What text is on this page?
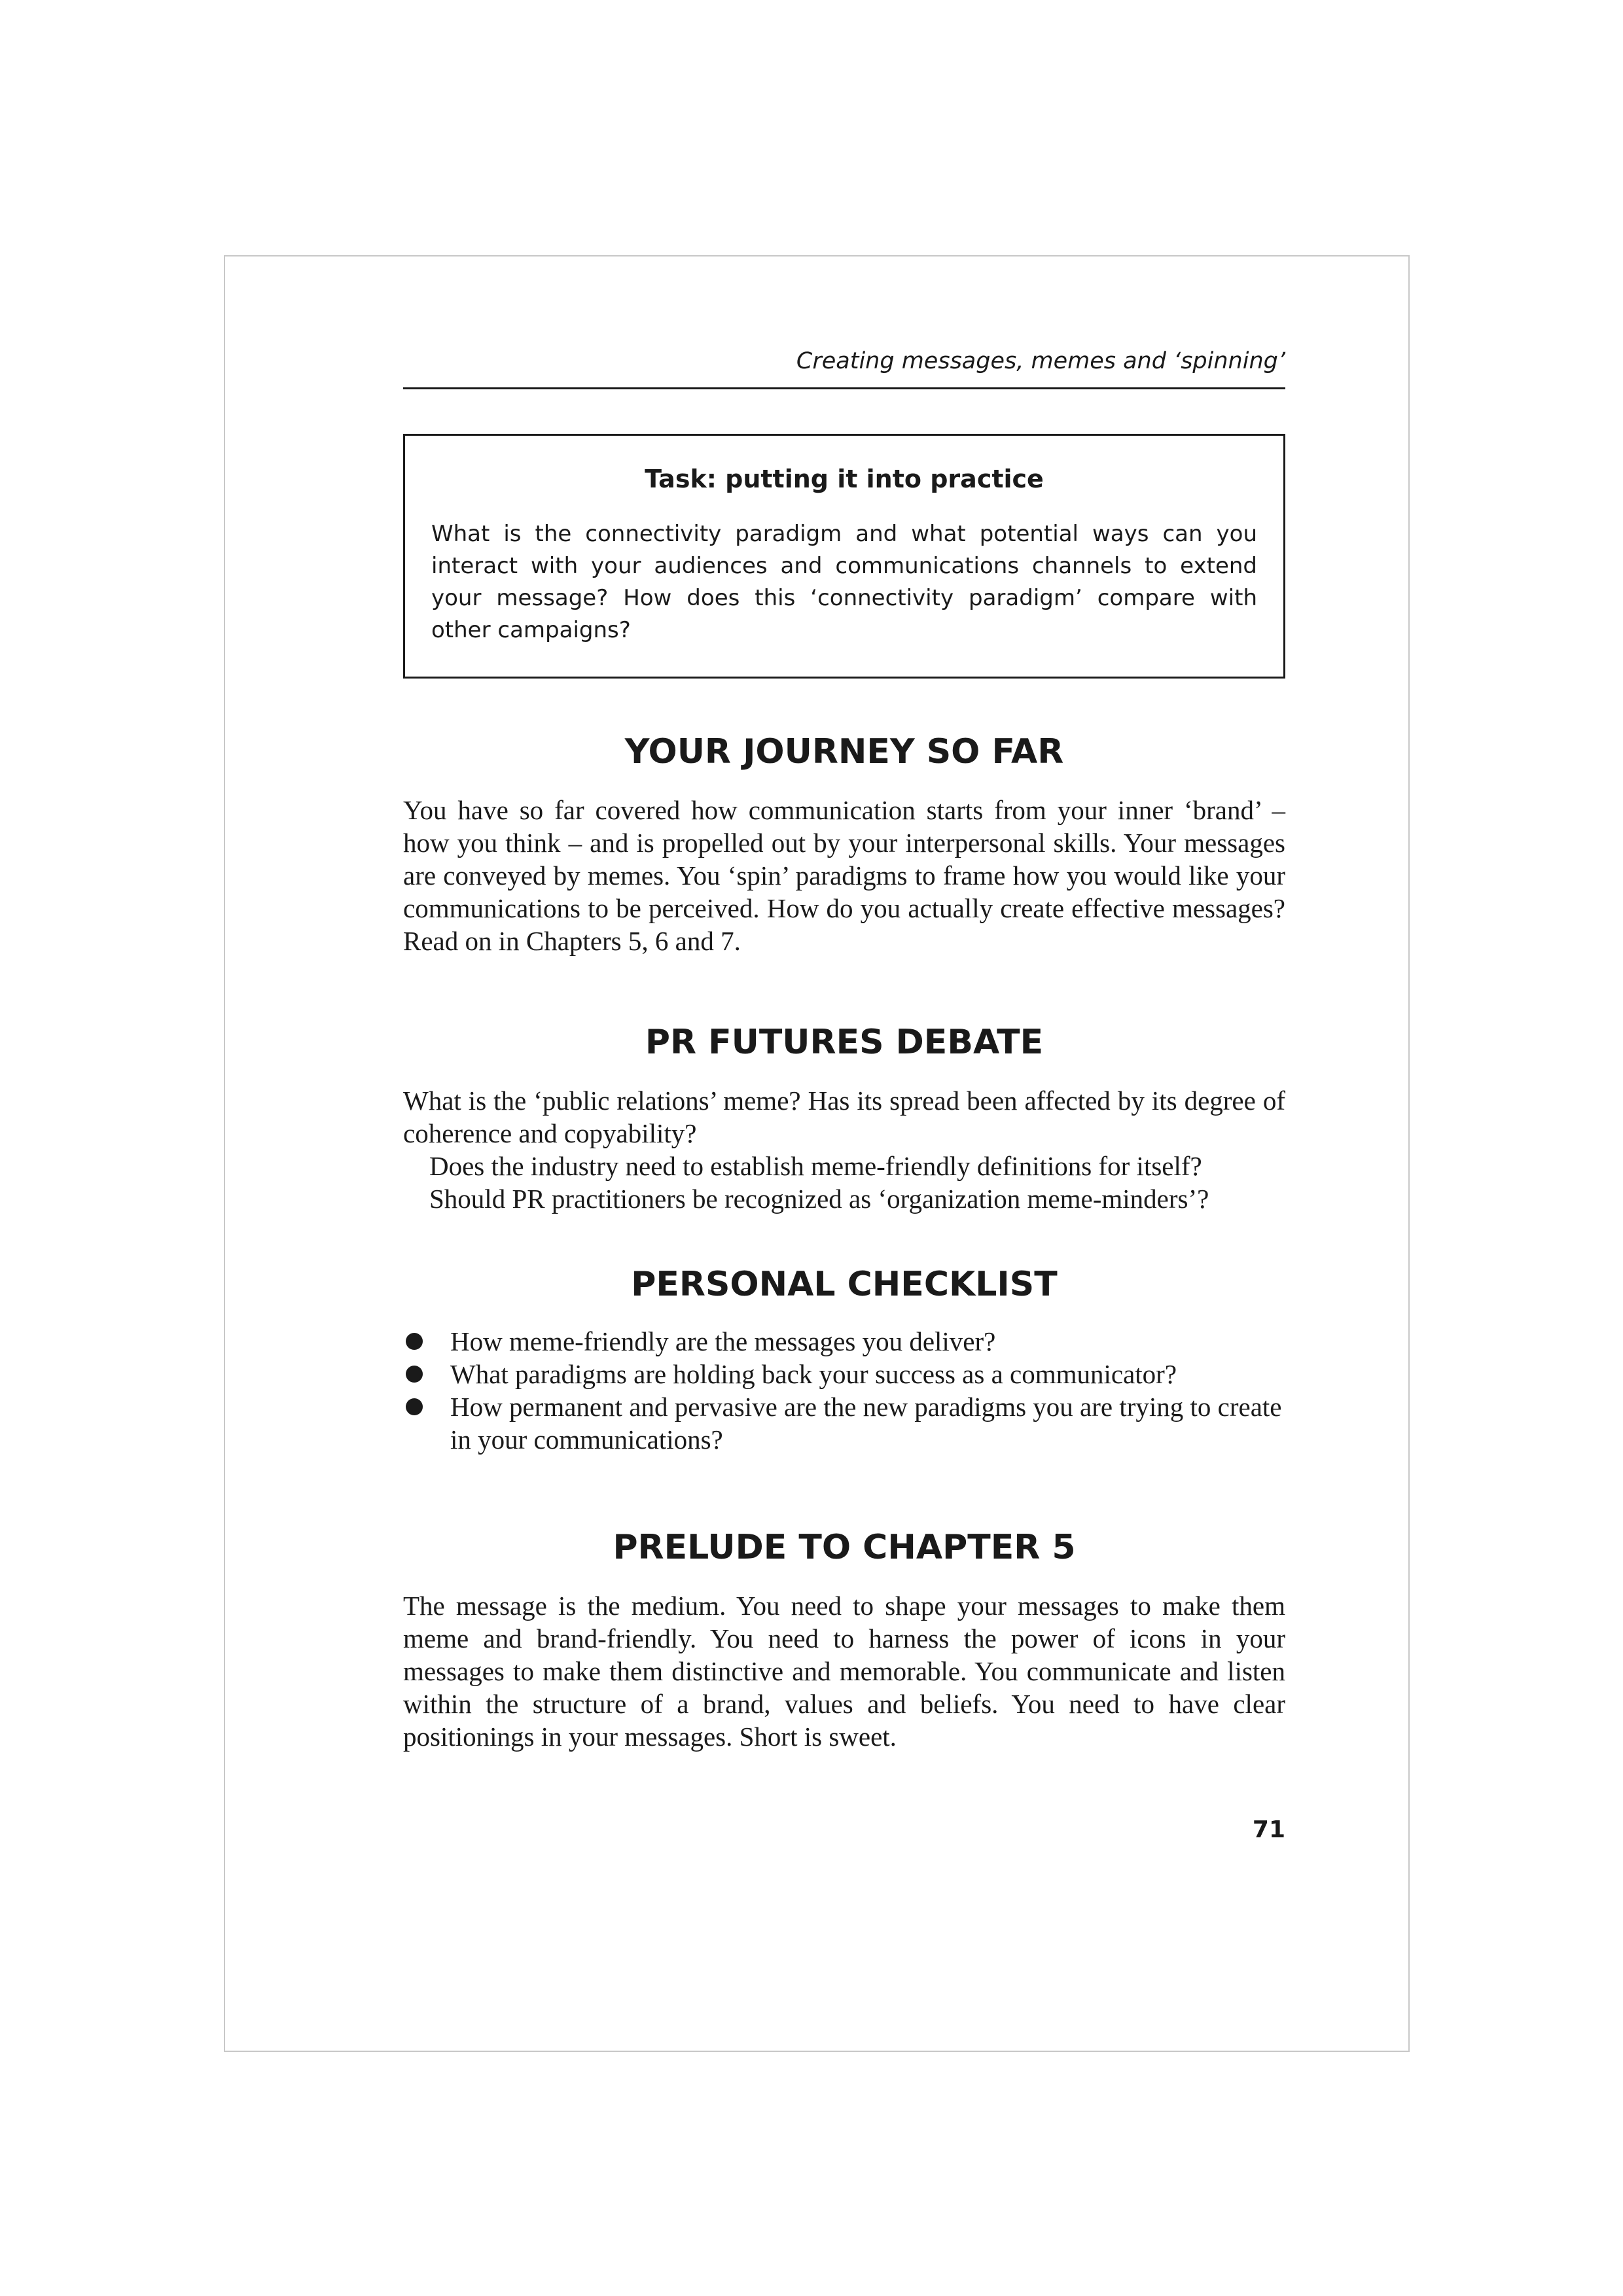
Creating messages, memes and ‘spinning’
Task: putting it into practice

What is the connectivity paradigm and what potential ways can you interact with your audiences and communications channels to extend your message? How does this ‘connectivity paradigm’ compare with other campaigns?

YOUR JOURNEY SO FAR

You have so far covered how communication starts from your inner ‘brand’ – how you think – and is propelled out by your interpersonal skills. Your messages are conveyed by memes. You ‘spin’ paradigms to frame how you would like your communications to be perceived. How do you actually create effective messages? Read on in Chapters 5, 6 and 7.

PR FUTURES DEBATE

What is the ‘public relations’ meme? Has its spread been affected by its degree of coherence and copyability?

Does the industry need to establish meme-friendly definitions for itself?

Should PR practitioners be recognized as ‘organization meme-minders’?

PERSONAL CHECKLIST
How meme-friendly are the messages you deliver?
What paradigms are holding back your success as a communicator?
How permanent and pervasive are the new paradigms you are trying to create in your communications?
PRELUDE TO CHAPTER 5

The message is the medium. You need to shape your messages to make them meme and brand-friendly. You need to harness the power of icons in your messages to make them distinctive and memorable. You communicate and listen within the structure of a brand, values and beliefs. You need to have clear positionings in your messages. Short is sweet.

71
